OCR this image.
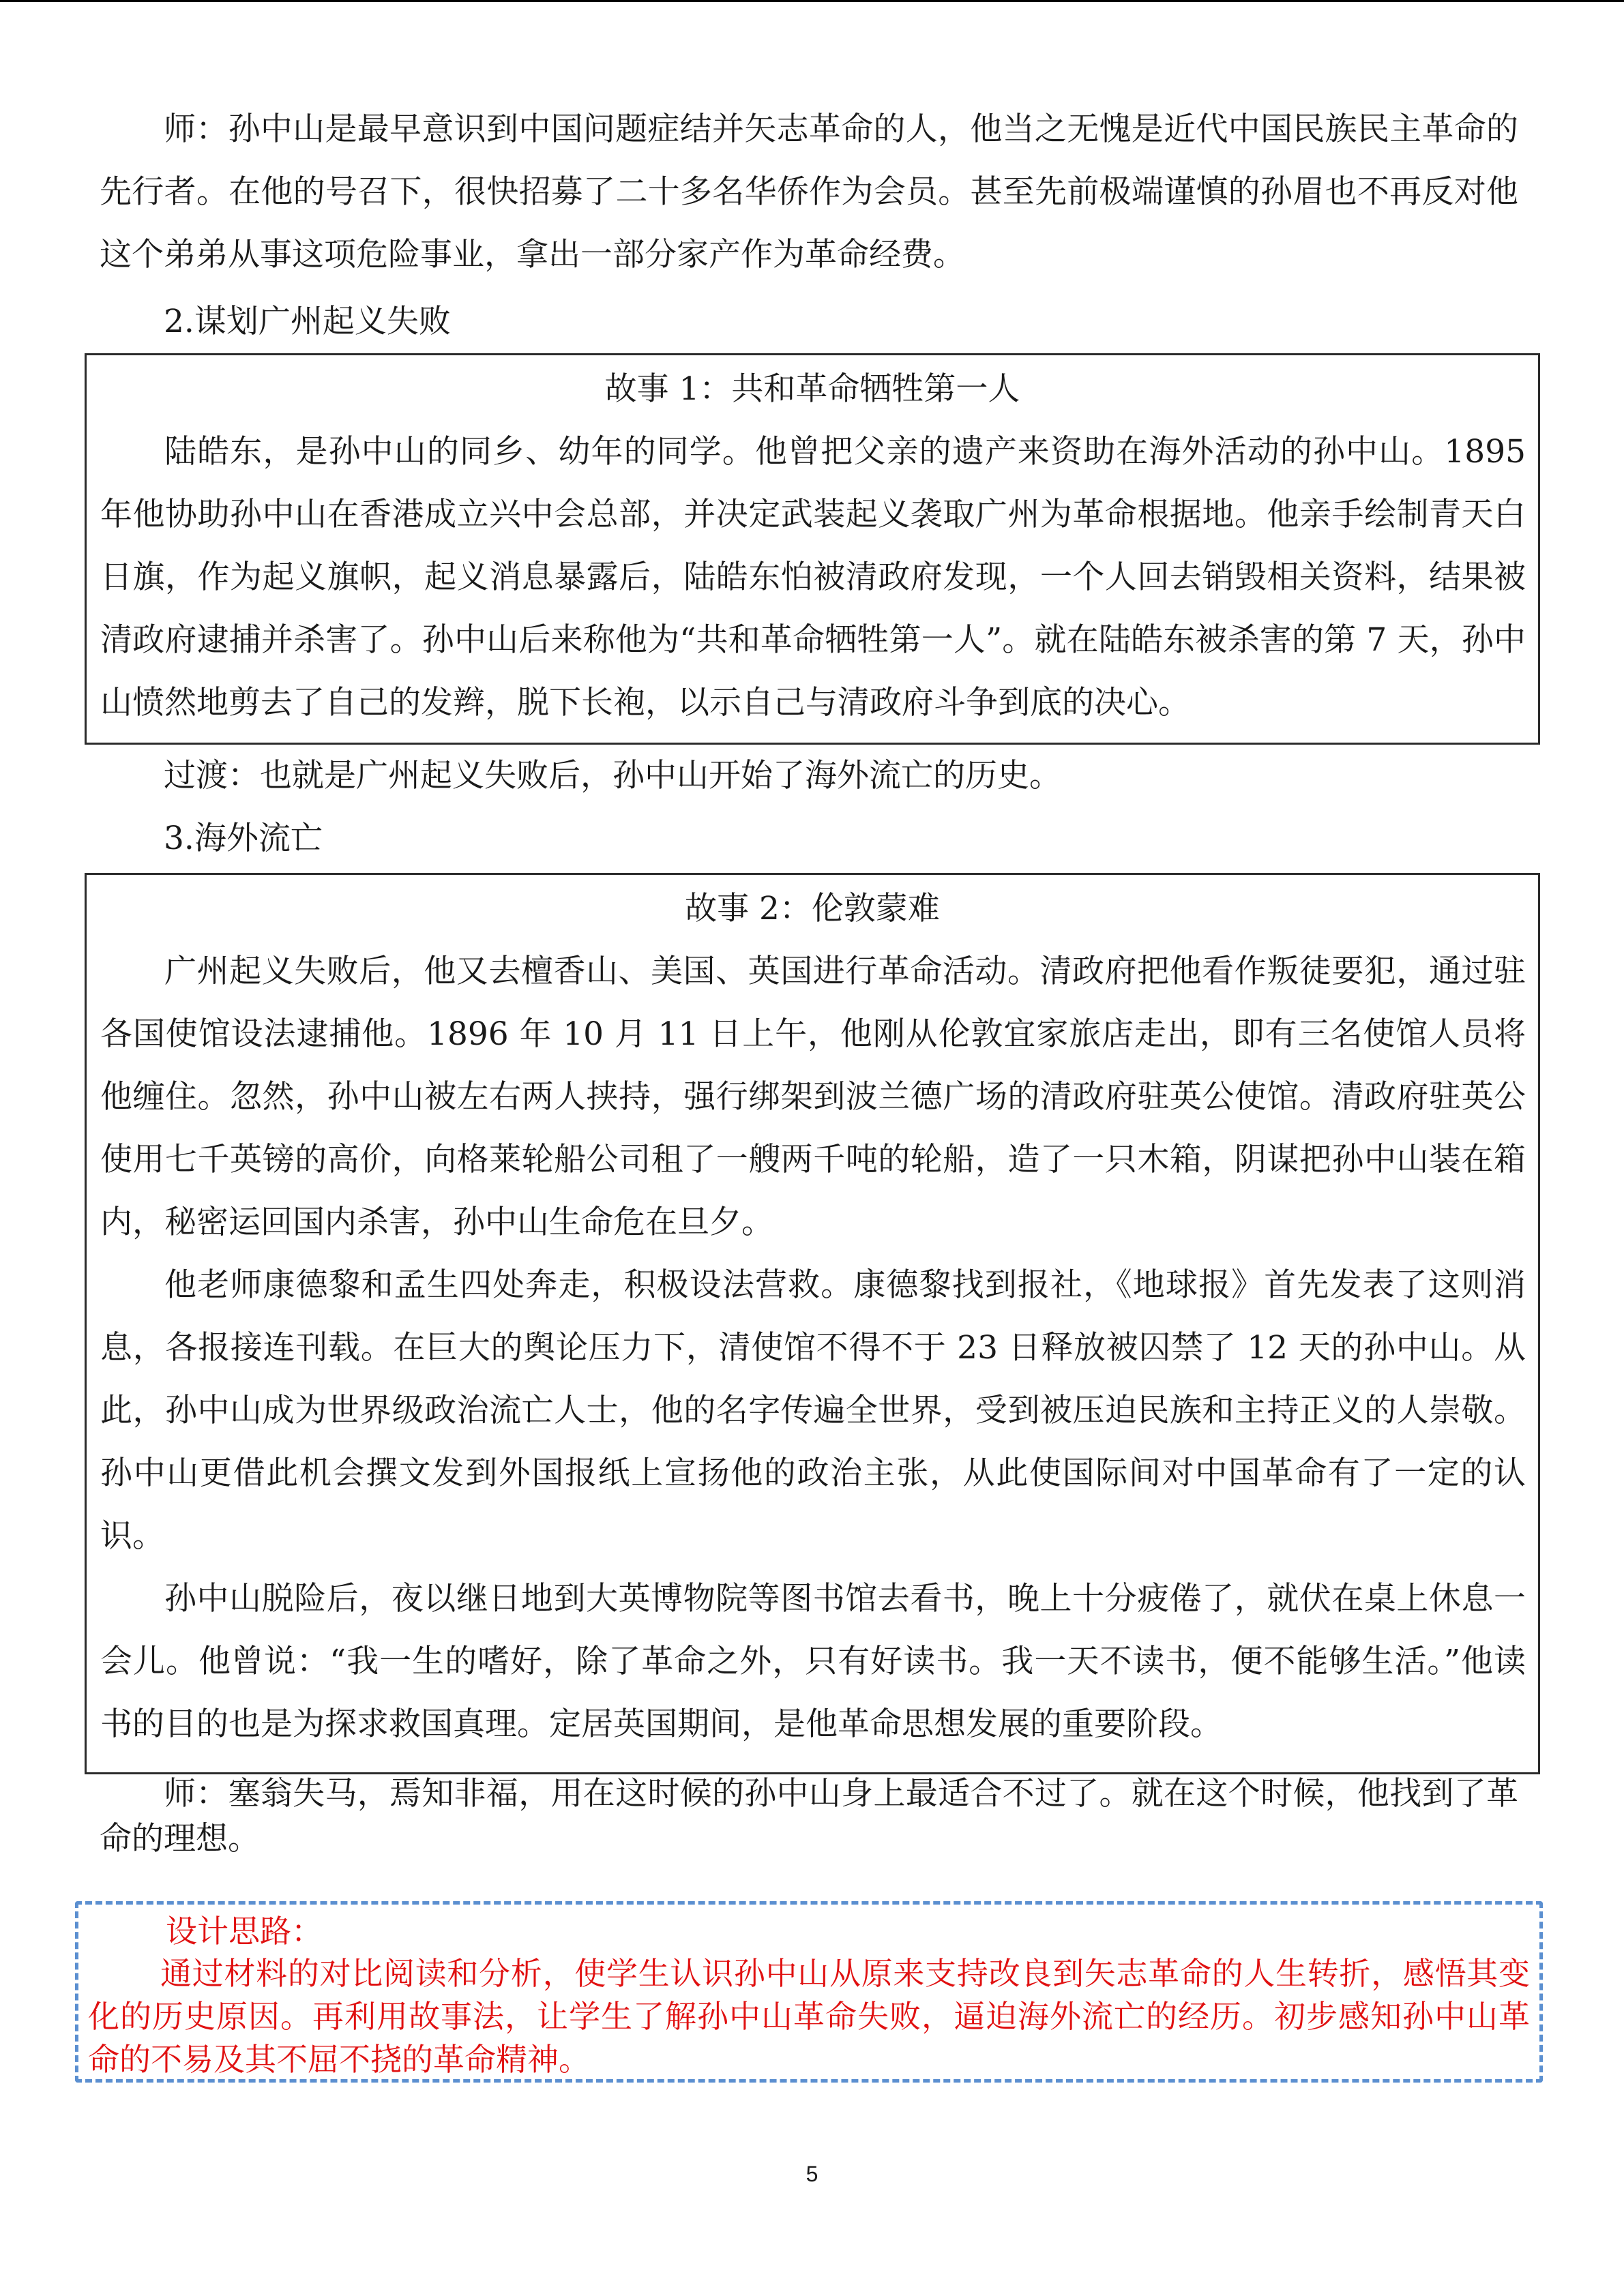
师：孙中山是最早意识到中国问题症结并矢志革命的人，他当之无愧是近代中国民族民主革命的先行者。在他的号召下，很快招募了二十多名华侨作为会员。甚至先前极端谨慎的孙眉也不再反对他这个弟弟从事这项危险事业，拿出一部分家产作为革命经费。

2.谋划广州起义失败

故事 1：共和革命牺牲第一人

陆皓东，是孙中山的同乡、幼年的同学。他曾把父亲的遗产来资助在海外活动的孙中山。1895 年他协助孙中山在香港成立兴中会总部，并决定武装起义袭取广州为革命根据地。他亲手绘制青天白日旗，作为起义旗帜，起义消息暴露后，陆皓东怕被清政府发现，一个人回去销毁相关资料，结果被清政府逮捕并杀害了。孙中山后来称他为“共和革命牺牲第一人”。就在陆皓东被杀害的第 7 天，孙中山愤然地剪去了自己的发辫，脱下长袍，以示自己与清政府斗争到底的决心。

过渡：也就是广州起义失败后，孙中山开始了海外流亡的历史。

3.海外流亡

故事 2：伦敦蒙难

广州起义失败后，他又去檀香山、美国、英国进行革命活动。清政府把他看作叛徒要犯，通过驻各国使馆设法逮捕他。1896 年 10 月 11 日上午，他刚从伦敦宜家旅店走出，即有三名使馆人员将他缠住。忽然，孙中山被左右两人挟持，强行绑架到波兰德广场的清政府驻英公使馆。清政府驻英公使用七千英镑的高价，向格莱轮船公司租了一艘两千吨的轮船，造了一只木箱，阴谋把孙中山装在箱内，秘密运回国内杀害，孙中山生命危在旦夕。

他老师康德黎和孟生四处奔走，积极设法营救。康德黎找到报社，《地球报》首先发表了这则消息，各报接连刊载。在巨大的舆论压力下，清使馆不得不于 23 日释放被囚禁了 12 天的孙中山。从此，孙中山成为世界级政治流亡人士，他的名字传遍全世界，受到被压迫民族和主持正义的人崇敬。孙中山更借此机会撰文发到外国报纸上宣扬他的政治主张，从此使国际间对中国革命有了一定的认识。

孙中山脱险后，夜以继日地到大英博物院等图书馆去看书，晚上十分疲倦了，就伏在桌上休息一会儿。他曾说：“我一生的嗜好，除了革命之外，只有好读书。我一天不读书，便不能够生活。”他读书的目的也是为探求救国真理。定居英国期间，是他革命思想发展的重要阶段。

师：塞翁失马，焉知非福，用在这时候的孙中山身上最适合不过了。就在这个时候，他找到了革命的理想。

设计思路：

通过材料的对比阅读和分析，使学生认识孙中山从原来支持改良到矢志革命的人生转折，感悟其变化的历史原因。再利用故事法，让学生了解孙中山革命失败，逼迫海外流亡的经历。初步感知孙中山革命的不易及其不屈不挠的革命精神。

5
